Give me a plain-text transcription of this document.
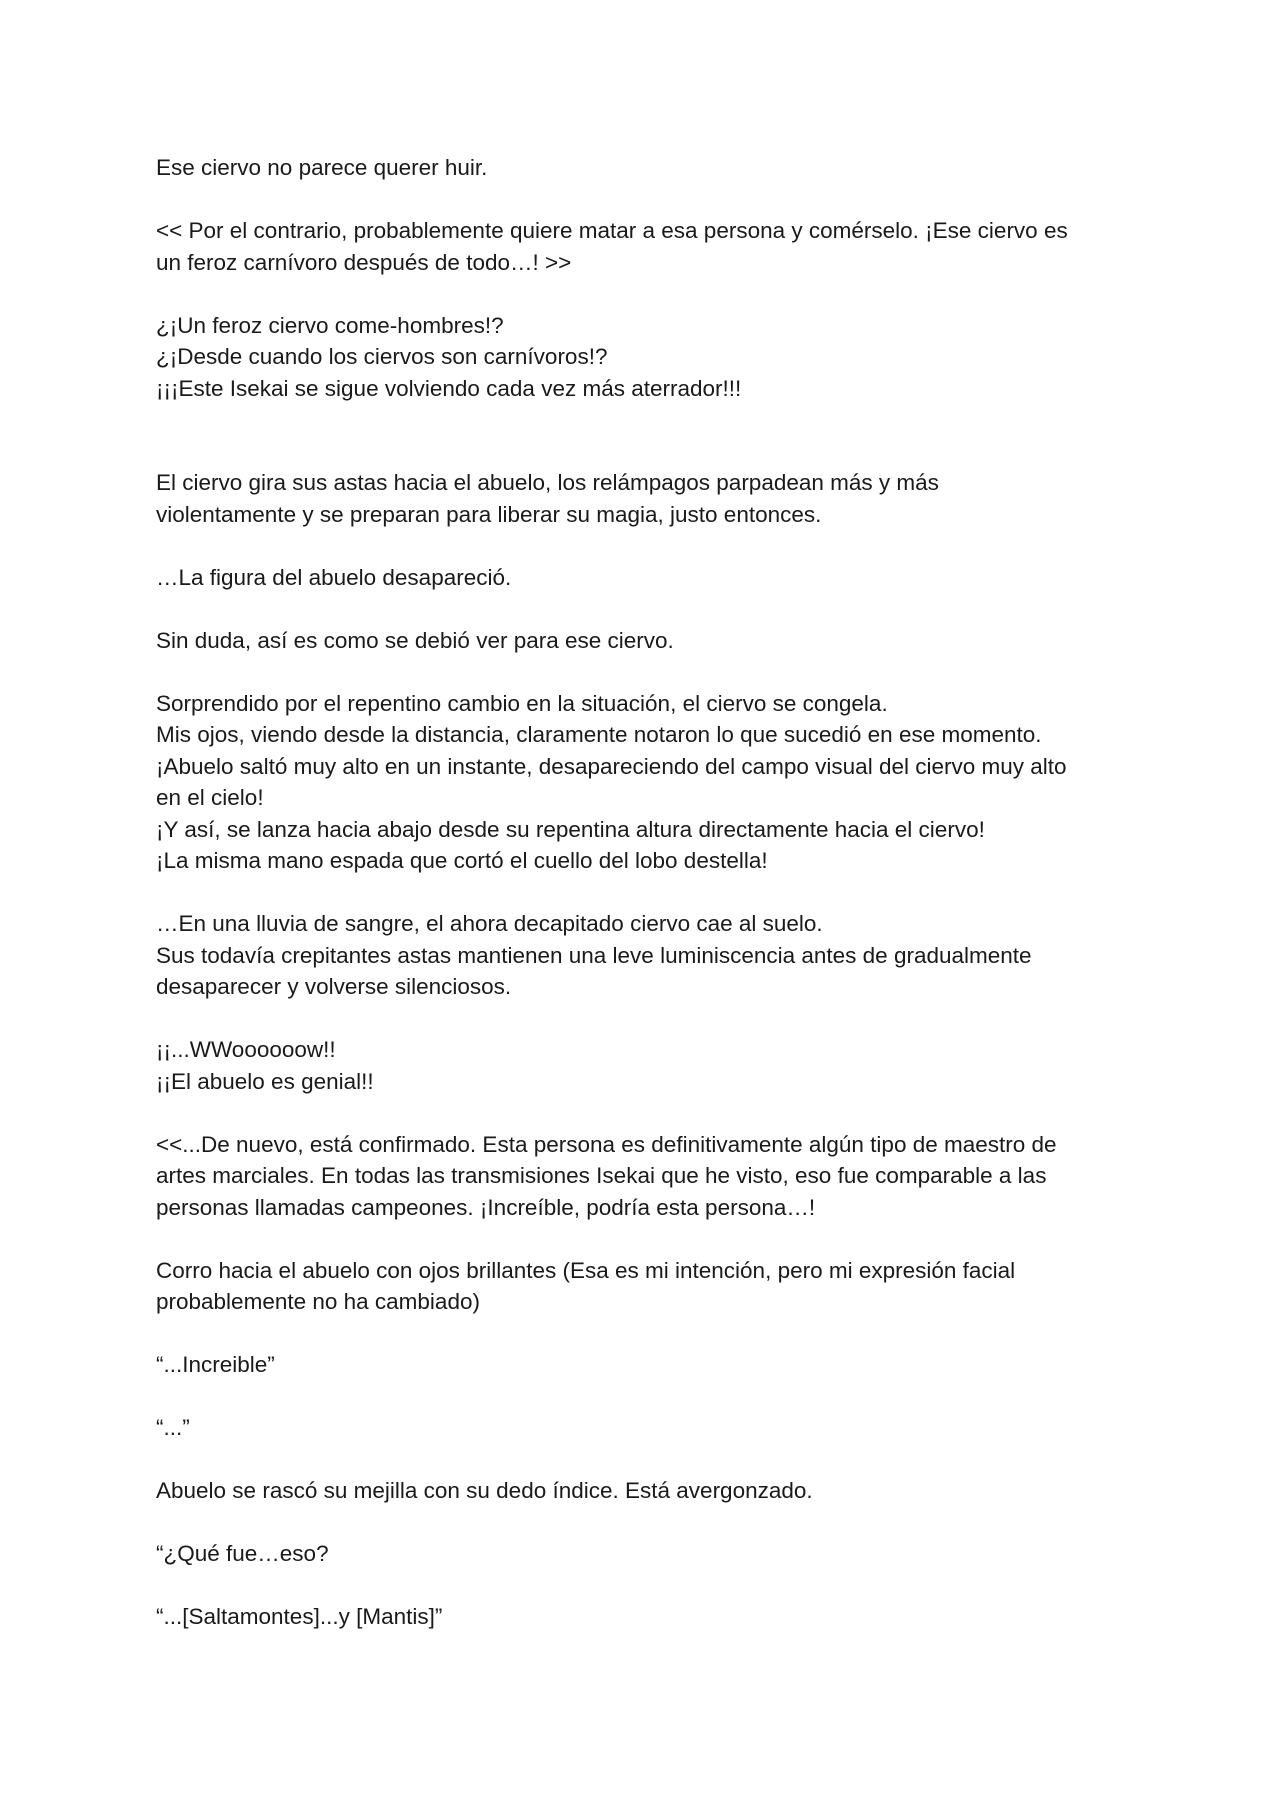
Ese ciervo no parece querer huir.

<< Por el contrario, probablemente quiere matar a esa persona y comérselo. ¡Ese ciervo es
un feroz carnívoro después de todo…! >>

¿¡Un feroz ciervo come-hombres!?
¿¡Desde cuando los ciervos son carnívoros!?
¡¡¡Este Isekai se sigue volviendo cada vez más aterrador!!!

El ciervo gira sus astas hacia el abuelo, los relámpagos parpadean más y más
violentamente y se preparan para liberar su magia, justo entonces.

…La figura del abuelo desapareció.

Sin duda, así es como se debió ver para ese ciervo.

Sorprendido por el repentino cambio en la situación, el ciervo se congela.
Mis ojos, viendo desde la distancia, claramente notaron lo que sucedió en ese momento.
¡Abuelo saltó muy alto en un instante, desapareciendo del campo visual del ciervo muy alto
en el cielo!
¡Y así, se lanza hacia abajo desde su repentina altura directamente hacia el ciervo!
¡La misma mano espada que cortó el cuello del lobo destella!

…En una lluvia de sangre, el ahora decapitado ciervo cae al suelo.
Sus todavía crepitantes astas mantienen una leve luminiscencia antes de gradualmente
desaparecer y volverse silenciosos.

¡¡...WWoooooow!!
¡¡El abuelo es genial!!

<<...De nuevo, está confirmado. Esta persona es definitivamente algún tipo de maestro de
artes marciales. En todas las transmisiones Isekai que he visto, eso fue comparable a las
personas llamadas campeones. ¡Increíble, podría esta persona…!

Corro hacia el abuelo con ojos brillantes (Esa es mi intención, pero mi expresión facial
probablemente no ha cambiado)

“...Increible”

“...”

Abuelo se rascó su mejilla con su dedo índice. Está avergonzado.

“¿Qué fue…eso?

“...[Saltamontes]...y [Mantis]”
